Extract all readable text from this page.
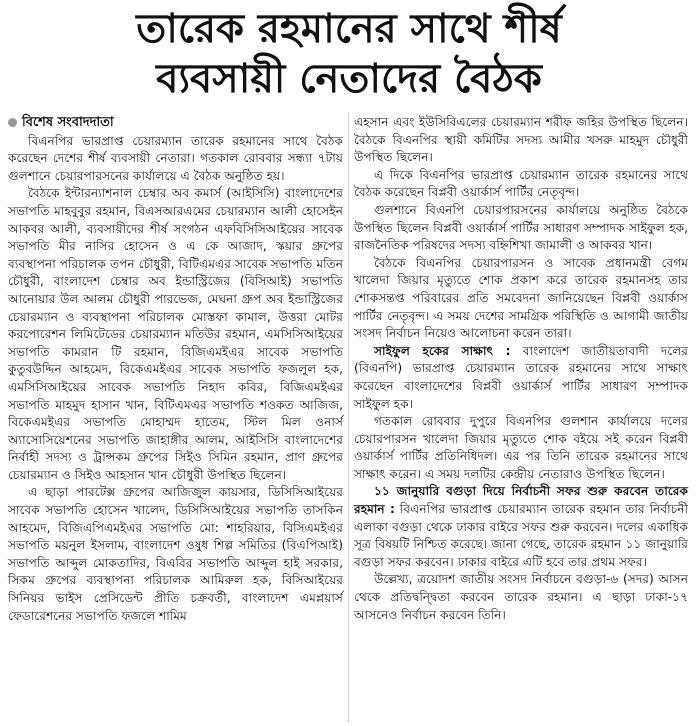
তারেক রহমানের সাথে শীর্ষ
ব্যবসায়ী নেতাদের বৈঠক
বিশেষ সংবাদদাতা

বিএনপির ভারপ্রাপ্ত চেয়ারম্যান তারেক রহমানের সাথে বৈঠক করেছেন দেশের শীর্ষ ব্যবসায়ী নেতারা। গতকাল রোববার সন্ধ্যা ৭টায় গুলশানে চেয়ারপারসনের কার্যালয়ে এ বৈঠক অনুষ্ঠিত হয়।

বৈঠকে ইন্টারন্যাশনাল চেম্বার অব কমার্স (আইসিসি) বাংলাদেশের সভাপতি মাহবুবুর রহমান, বিএসআরএমের চেয়ারম্যান আলী হোসেইন আকবর আলী, ব্যবসায়ীদের শীর্ষ সংগঠন এফবিসিসিআইয়ের সাবেক সভাপতি মীর নাসির হোসেন ও এ কে আজাদ, স্কয়ার গ্রুপের ব্যবস্থাপনা পরিচালক তপন চৌধুরী, বিটিএমএর সাবেক সভাপতি মতিন চৌধুরী, বাংলাদেশ চেম্বার অব ইন্ডাস্ট্রিজের (বিসিআই) সভাপতি আনোয়ার উল আলম চৌধুরী পারভেজ, মেঘনা গ্রুপ অব ইন্ডাস্ট্রিজের চেয়ারম্যান ও ব্যবস্থাপনা পরিচালক মোস্তফা কামাল, উত্তরা মোটর করপোরেশন লিমিটেডের চেয়ারম্যান মতিউর রহমান, এমসিসিআইয়ের সভাপতি কামরান টি রহমান, বিজিএমইএর সাবেক সভাপতি কুতুবউদ্দিন আহমেদ, বিকেএমইএর সাবেক সভাপতি ফজলুল হক, এমসিসিআইয়ের সাবেক সভাপতি নিহাদ কবির, বিজিএমইএর সভাপতি মাহমুদ হাসান খান, বিটিএমএর সভাপতি শওকত আজিজ, বিকেএমইএর সভাপতি মোহাম্মদ হাতেম, স্টিল মিল ওনার্স অ্যাসোসিয়েশনের সভাপতি জাহাঙ্গীর আলম, আইসিসি বাংলাদেশের নির্বাহী সদস্য ও ট্রান্সকম গ্রুপের সিইও সিমিন রহমান, প্রাণ গ্রুপের চেয়ারম্যান ও সিইও আহসান খান চৌধুরী উপস্থিত ছিলেন।

এ ছাড়া পারটেক্স গ্রুপের আজিজুল কায়সার, ডিসিসিআইয়ের সাবেক সভাপতি হোসেন খালেদ, ডিসিসিআইয়ের সভাপতি তাসকিন আহমেদ, বিজিএপিএমইএর সভাপতি মো: শাহরিয়ার, বিসিএমইএর সভাপতি ময়নুল ইসলাম, বাংলাদেশ ওষুধ শিল্প সমিতির (বিএপিআই) সভাপতি আব্দুল মোকতাদির, বিএবির সভাপতি আব্দুল হাই সরকার, সিকম গ্রুপের ব্যবস্থাপনা পরিচালক আমিরুল হক, বিসিআইয়ের সিনিয়র ভাইস প্রেসিডেন্ট প্রীতি চক্রবর্তী, বাংলাদেশ এমপ্লয়ার্স ফেডারেশনের সভাপতি ফজলে শামিম

এহসান এবং ইউসিবিএলের চেয়ারম্যান শরীফ জহির উপস্থিত ছিলেন। বৈঠকে বিএনপির স্থায়ী কমিটির সদস্য আমীর খসরু মাহমুদ চৌধুরী উপস্থিত ছিলেন।

এ দিকে বিএনপির ভারপ্রাপ্ত চেয়ারম্যান তারেক রহমানের সাথে বৈঠক করেছেন বিপ্লবী ওয়ার্কার্স পার্টির নেতৃবৃন্দ।

গুলশানে বিএনপি চেয়ারপারসনের কার্যালয়ে অনুষ্ঠিত বৈঠকে উপস্থিত ছিলেন বিপ্লবী ওয়ার্কার্স পার্টির সাধারণ সম্পাদক সাইফুল হক, রাজনৈতিক পরিষদের সদস্য বহ্নিশিখা জামালী ও আকবর খান।

বৈঠকে বিএনপির চেয়ারপারসন ও সাবেক প্রধানমন্ত্রী বেগম খালেদা জিয়ার মৃত্যুতে শোক প্রকাশ করে তারেক রহমানসহ তার শোকসন্তপ্ত পরিবারের প্রতি সমবেদনা জানিয়েছেন বিপ্লবী ওয়ার্কাস পার্টির নেতৃবৃন্দ। এ সময় দেশের সামগ্রিক পরিস্থিতি ও আগামী জাতীয় সংসদ নির্বাচন নিয়েও আলোচনা করেন তারা।

সাইফুল হকের সাক্ষাৎ : বাংলাদেশ জাতীয়তাবাদী দলের (বিএনপি) ভারপ্রাপ্ত চেয়ারম্যান তারেক রহমানের সাথে সাক্ষাৎ করেছেন বাংলাদেশের বিপ্লবী ওয়ার্কার্স পার্টির সাধারণ সম্পাদক সাইফুল হক।

গতকাল রোববার দুপুরে বিএনপির গুলশান কার্যালয়ে দলের চেয়ারপারসন খালেদা জিয়ার মৃত্যুতে শোক বইয়ে সই করেন বিপ্লবী ওয়ার্কার্স পার্টির প্রতিনিধিদল। এর পর তিনি তারেক রহমানের সাথে সাক্ষাৎ করেন। এ সময় দলটির কেন্দ্রীয় নেতারাও উপস্থিত ছিলেন।

১১ জানুয়ারি বগুড়া দিয়ে নির্বাচনী সফর শুরু করবেন তারেক রহমান : বিএনপির ভারপ্রাপ্ত চেয়ারম্যান তারেক রহমান তার নির্বাচনী এলাকা বগুড়া থেকে ঢাকার বাইরে সফর শুরু করবেন। দলের একাধিক সূত্র বিষয়টি নিশ্চিত করেছে। জানা গেছে, তারেক রহমান ১১ জানুয়ারি বগুড়া সফর করবেন। ঢাকার বাইরে এটি হবে তার প্রথম সফর।

উল্লেখ্য, ত্রয়োদশ জাতীয় সংসদ নির্বাচনে বগুড়া-৬ (সদর) আসন থেকে প্রতিদ্বন্দ্বিতা করবেন তারেক রহমান। এ ছাড়া ঢাকা-১৭ আসনেও নির্বাচন করবেন তিনি।
